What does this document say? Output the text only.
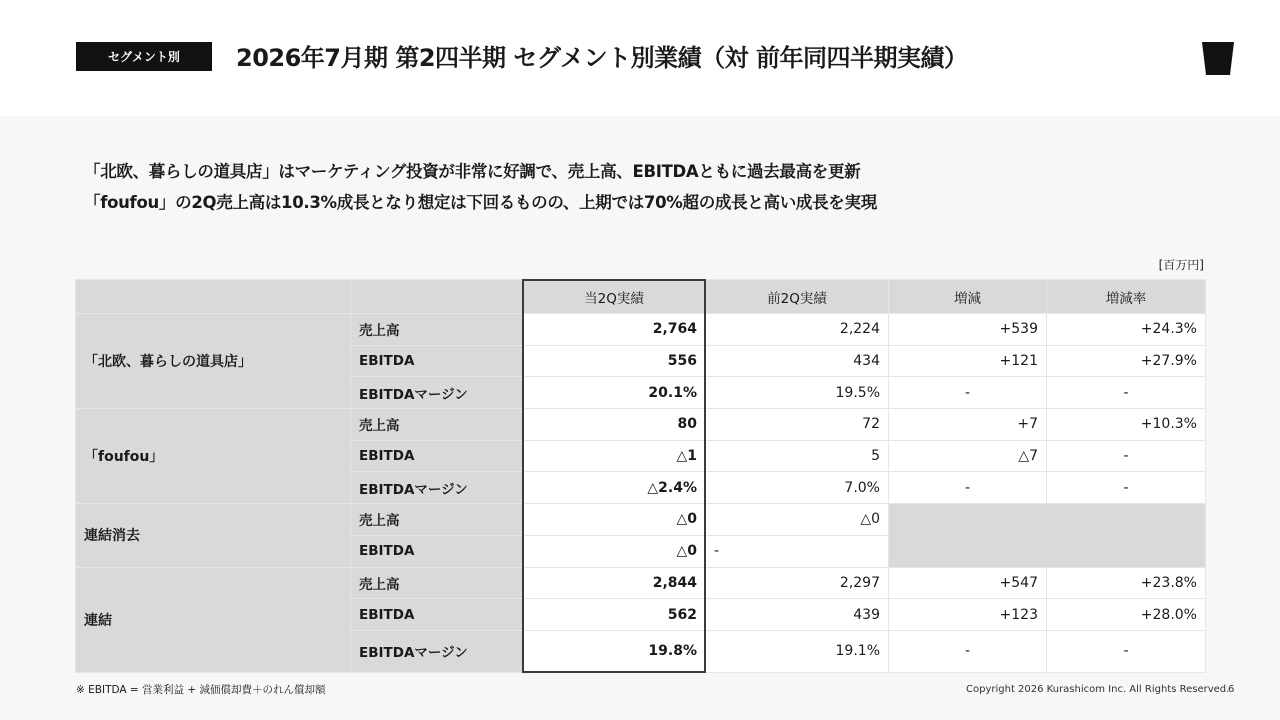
セグメント別	2026年7月期 第2四半期 セグメント別業績（対 前年同四半期実績）
「北欧、暮らしの道具店」はマーケティング投資が非常に好調で、売上高、EBITDAともに過去最高を更新
「foufou」の2Q売上高は10.3%成長となり想定は下回るものの、上期では70%超の成長と高い成長を実現
[百万円]
		当2Q実績	前2Q実績	増減	増減率
「北欧、暮らしの道具店」	売上高	2,764	2,224	+539	+24.3%
	EBITDA	556	434	+121	+27.9%
	EBITDAマージン	20.1%	19.5%	-	-
「foufou」	売上高	80	72	+7	+10.3%
	EBITDA	△1	5	△7	-
	EBITDAマージン	△2.4%	7.0%	-	-
連結消去	売上高	△0	△0		
	EBITDA	△0	-		
連結	売上高	2,844	2,297	+547	+23.8%
	EBITDA	562	439	+123	+28.0%
	EBITDAマージン	19.8%	19.1%	-	-
※ EBITDA = 営業利益 + 減価償却費＋のれん償却額	Copyright 2026 Kurashicom Inc. All Rights Reserved.
6
